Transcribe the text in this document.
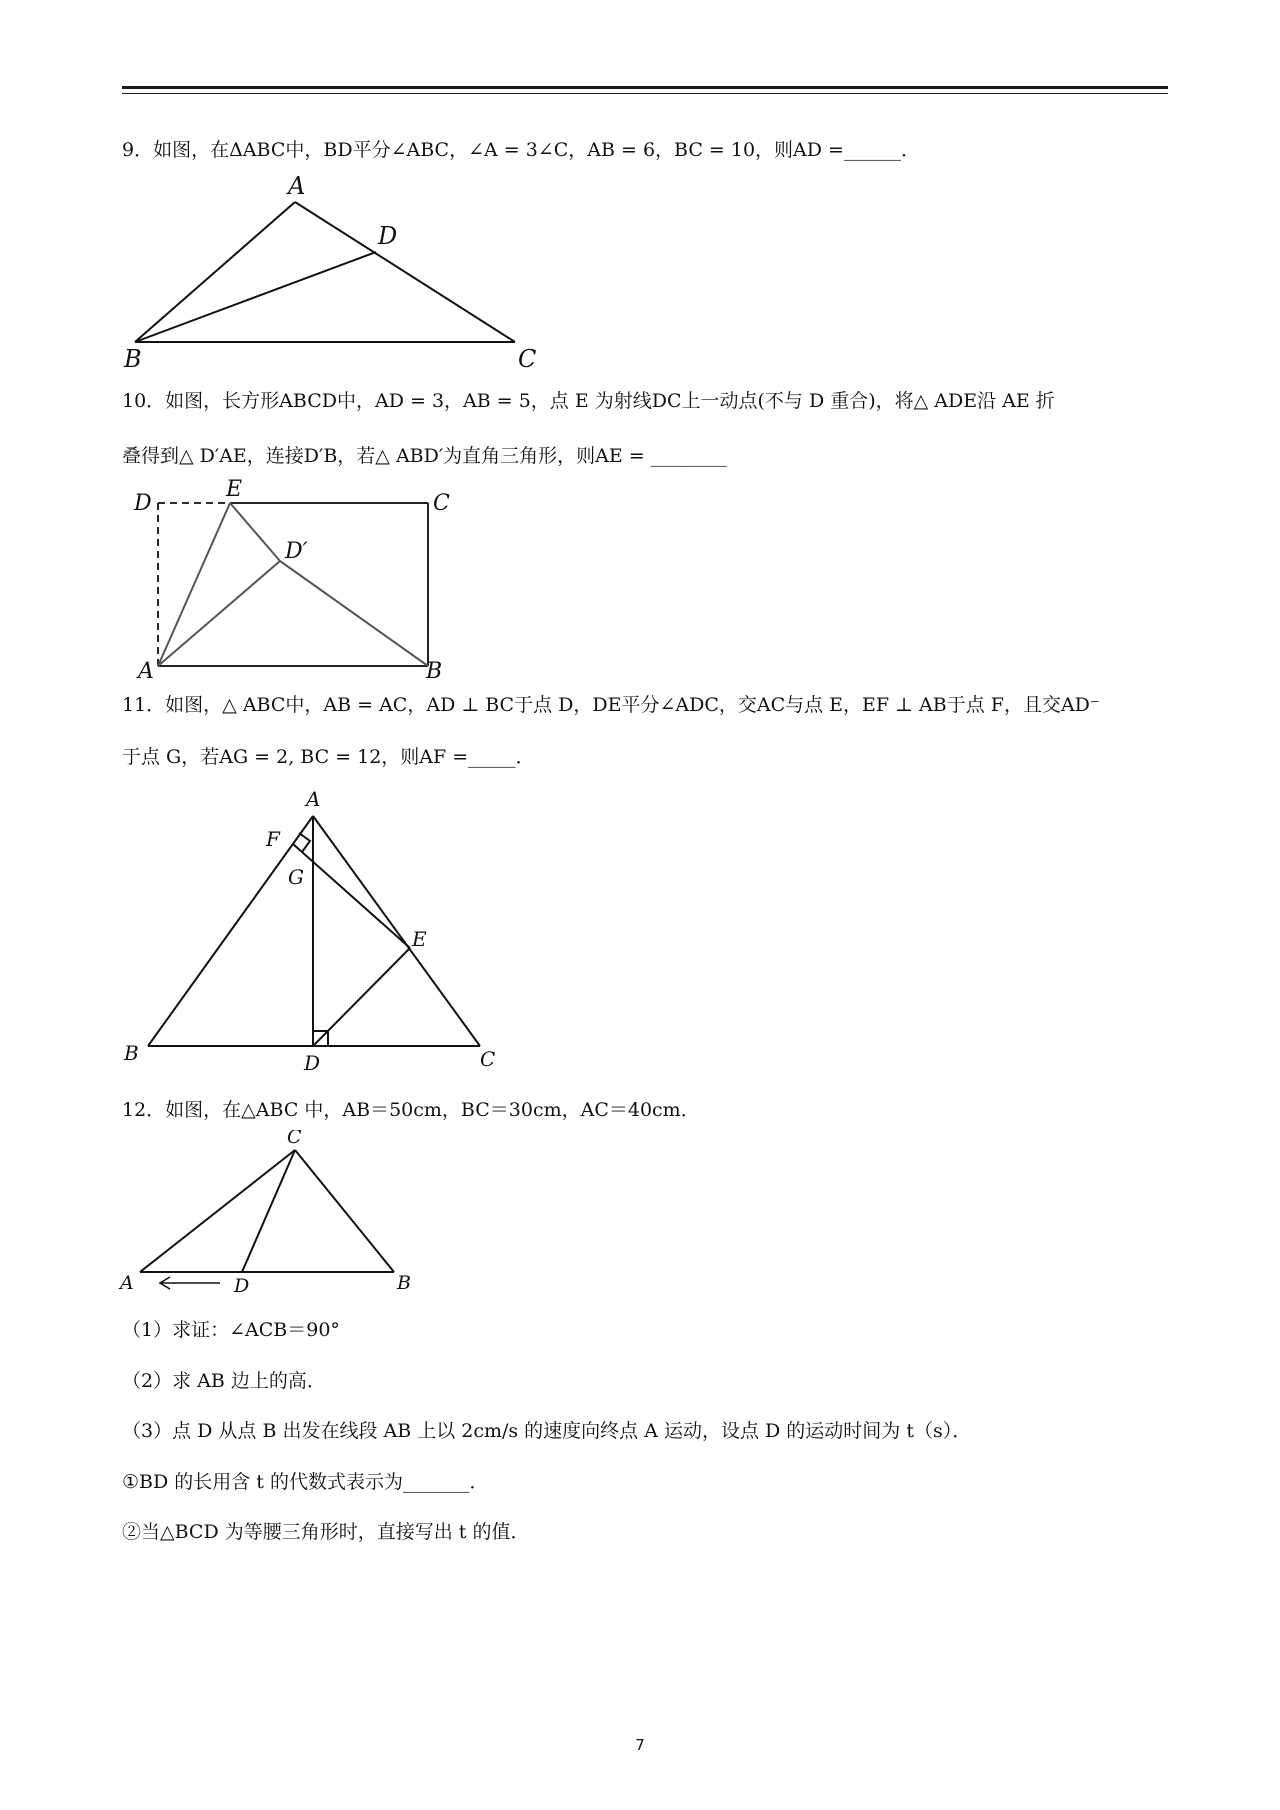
9．如图，在ΔABC中，BD平分∠ABC，∠A = 3∠C，AB = 6，BC = 10，则AD =______．
A
D
B	C
10．如图，长方形ABCD中，AD = 3，AB = 5，点 E 为射线DC上一动点(不与 D 重合)，将△ ADE沿 AE 折
叠得到△ D′AE，连接D′B，若△ ABD′为直角三角形，则AE = ________
D
E
C
D′
A	B
11．如图，△ ABC中，AB = AC，AD ⊥ BC于点 D，DE平分∠ADC，交AC与点 E，EF ⊥ AB于点 F，且交AD⁻
于点 G，若AG = 2, BC = 12，则AF =_____．
A
F
G
E
B	D	C
12．如图，在△ABC 中，AB＝50cm，BC＝30cm，AC＝40cm．
C
A	D	B
（1）求证：∠ACB＝90°
（2）求 AB 边上的高．
（3）点 D 从点 B 出发在线段 AB 上以 2cm/s 的速度向终点 A 运动，设点 D 的运动时间为 t（s）．
①BD 的长用含 t 的代数式表示为_______．
②当△BCD 为等腰三角形时，直接写出 t 的值．
7
